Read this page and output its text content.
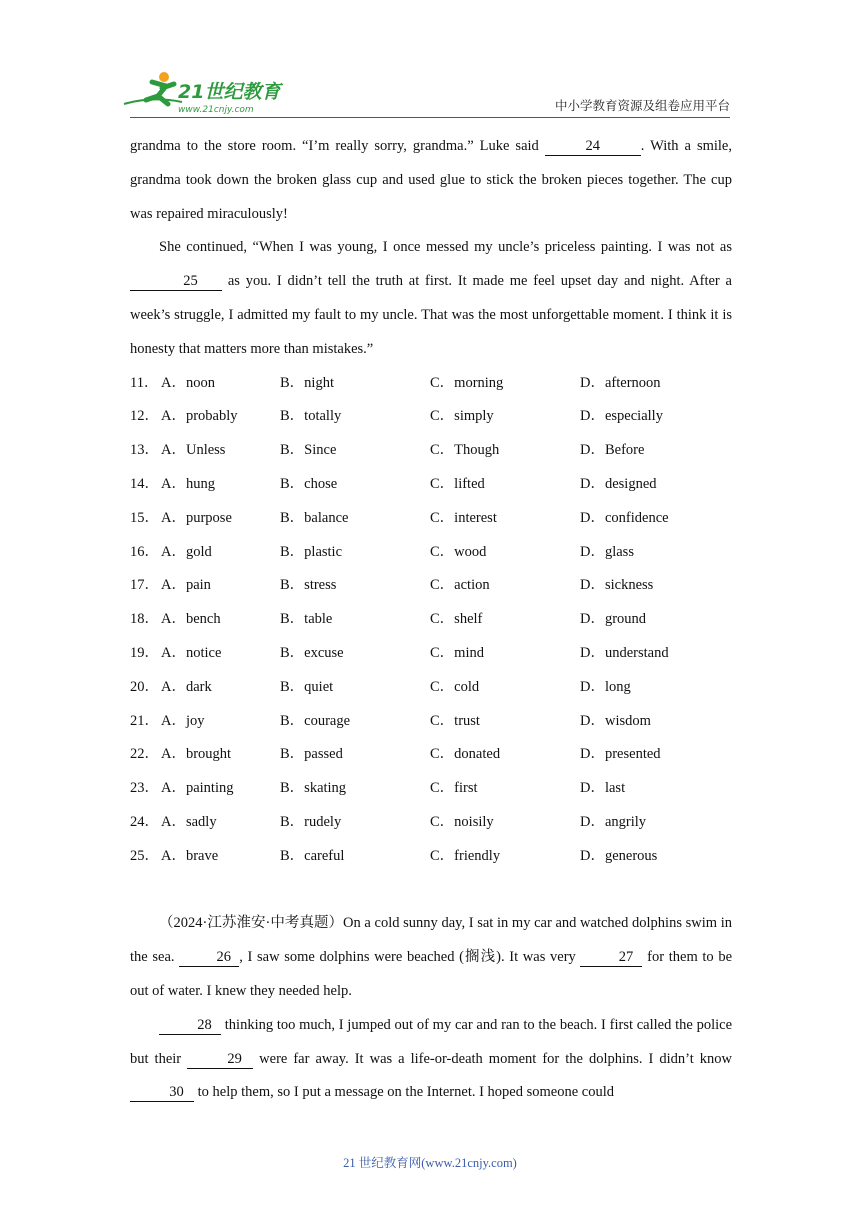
21世纪教育
www.21cnjy.com	中小学教育资源及组卷应用平台

grandma to the store room. “I’m really sorry, grandma.” Luke said	24	. With a smile, grandma took down the broken glass cup and used glue to stick the broken pieces together. The cup was repaired miraculously!

She continued, “When I was young, I once messed my uncle’s priceless painting. I was not as 25 as you. I didn’t tell the truth at first. It made me feel upset day and night. After a week’s struggle, I admitted my fault to my uncle. That was the most unforgettable moment. I think it is honesty that matters more than mistakes.”

11． A．noon	B．night	C．morning	D．afternoon
12． A．probably	B．totally	C．simply	D．especially
13． A．Unless	B．Since	C．Though	D．Before
14． A．hung	B．chose	C．lifted	D．designed
15． A．purpose	B．balance	C．interest	D．confidence
16． A．gold	B．plastic	C．wood	D．glass
17． A．pain	B．stress	C．action	D．sickness
18． A．bench	B．table	C．shelf	D．ground
19． A．notice	B．excuse	C．mind	D．understand
20． A．dark	B．quiet	C．cold	D．long
21． A．joy	B．courage	C．trust	D．wisdom
22． A．brought	B．passed	C．donated	D．presented
23． A．painting	B．skating	C．first	D．last
24． A．sadly	B．rudely	C．noisily	D．angrily
25． A．brave	B．careful	C．friendly	D．generous

（2024·江苏淮安·中考真题）On a cold sunny day, I sat in my car and watched dolphins swim in the sea.	26 , I saw some dolphins were beached (搁浅). It was very	27 for them to be out of water. I knew they needed help.

28 thinking too much, I jumped out of my car and ran to the beach. I first called the police but their	29 were far away. It was a life-or-death moment for the dolphins. I didn’t know 30 to help them, so I put a message on the Internet. I hoped someone could

21 世纪教育网(www.21cnjy.com)
